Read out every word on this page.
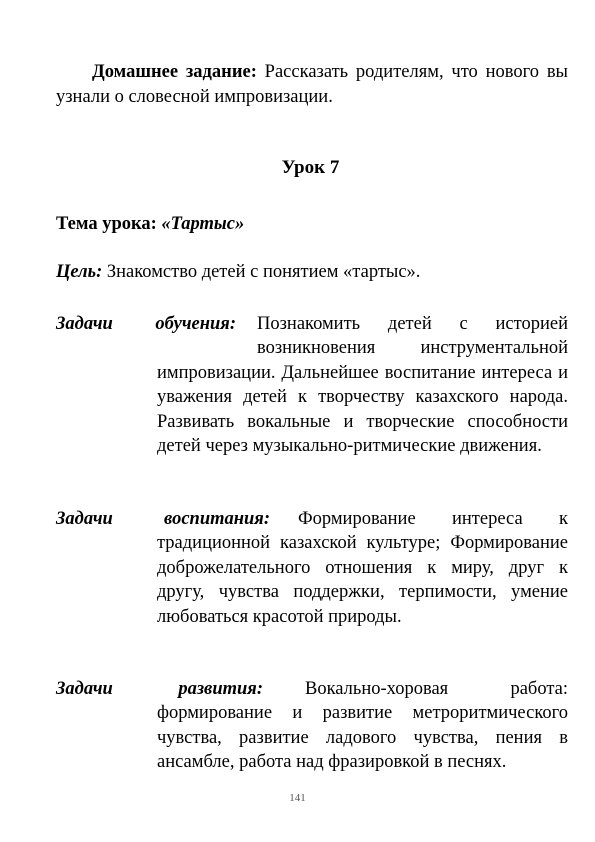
Домашнее задание: Рассказать родителям, что нового вы узнали о словесной импровизации.

Урок 7
Тема урока: «Тартыс»
Цель: Знакомство детей с понятием «тартыс».
Задачи обучения: Познакомить детей с историей возникновения инструментальной
импровизации. Дальнейшее воспитание интереса и уважения детей к творчеству казахского народа. Развивать вокальные и творческие способности детей через музыкально-ритмические движения.
Задачи	воспитания: Формирование интереса к
традиционной казахской культуре; Формирование доброжелательного отношения к миру, друг к другу, чувства поддержки, терпимости, умение любоваться красотой природы.
Задачи	развития: Вокально-хоровая работа:
формирование и развитие метроритмического чувства, развитие ладового чувства, пения в ансамбле, работа над фразировкой в песнях.
141
